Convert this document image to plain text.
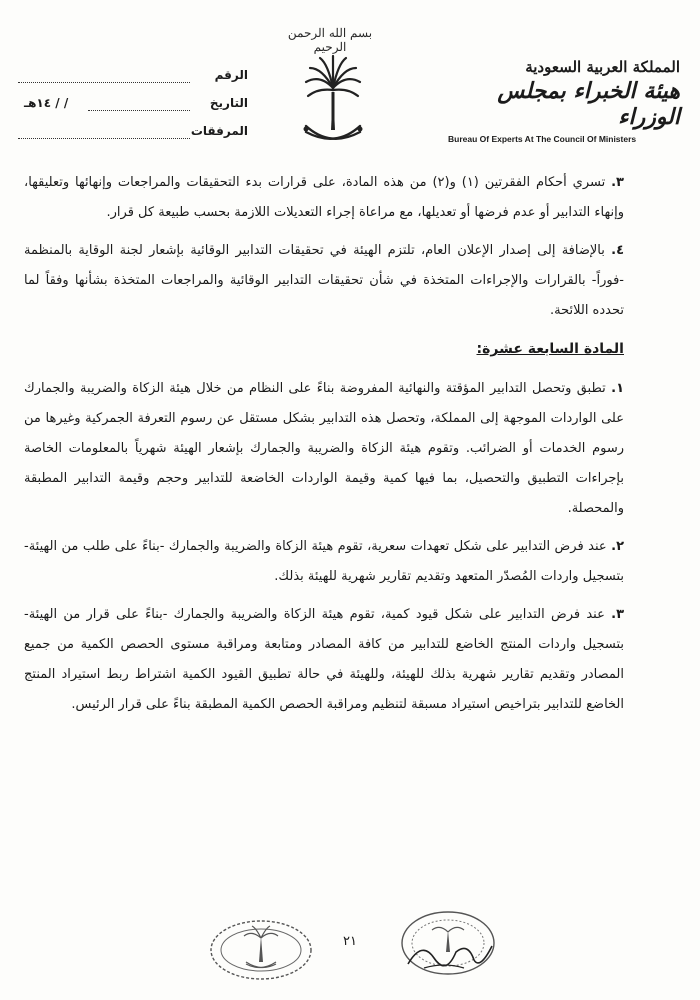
بسم الله الرحمن الرحيم
الرقم
التاريخ
/ / ١٤هـ
المرفقات
المملكة العربية السعودية
هيئة الخبراء بمجلس الوزراء
Bureau Of Experts At The Council Of Ministers

٣. تسري أحكام الفقرتين (١) و(٢) من هذه المادة، على قرارات بدء التحقيقات والمراجعات وإنهائها وتعليقها، وإنهاء التدابير أو عدم فرضها أو تعديلها، مع مراعاة إجراء التعديلات اللازمة بحسب طبيعة كل قرار.

٤. بالإضافة إلى إصدار الإعلان العام، تلتزم الهيئة في تحقيقات التدابير الوقائية بإشعار لجنة الوقاية بالمنظمة -فوراً- بالقرارات والإجراءات المتخذة في شأن تحقيقات التدابير الوقائية والمراجعات المتخذة بشأنها وفقاً لما تحدده اللائحة.

المادة السابعة عشرة:

١. تطبق وتحصل التدابير المؤقتة والنهائية المفروضة بناءً على النظام من خلال هيئة الزكاة والضريبة والجمارك على الواردات الموجهة إلى المملكة، وتحصل هذه التدابير بشكل مستقل عن رسوم التعرفة الجمركية وغيرها من رسوم الخدمات أو الضرائب. وتقوم هيئة الزكاة والضريبة والجمارك بإشعار الهيئة شهرياً بالمعلومات الخاصة بإجراءات التطبيق والتحصيل، بما فيها كمية وقيمة الواردات الخاضعة للتدابير وحجم وقيمة التدابير المطبقة والمحصلة.

٢. عند فرض التدابير على شكل تعهدات سعرية، تقوم هيئة الزكاة والضريبة والجمارك -بناءً على طلب من الهيئة- بتسجيل واردات المُصدّر المتعهد وتقديم تقارير شهرية للهيئة بذلك.

٣. عند فرض التدابير على شكل قيود كمية، تقوم هيئة الزكاة والضريبة والجمارك -بناءً على قرار من الهيئة- بتسجيل واردات المنتج الخاضع للتدابير من كافة المصادر ومتابعة ومراقبة مستوى الحصص الكمية من جميع المصادر وتقديم تقارير شهرية بذلك للهيئة، وللهيئة في حالة تطبيق القيود الكمية اشتراط ربط استيراد المنتج الخاضع للتدابير بتراخيص استيراد مسبقة لتنظيم ومراقبة الحصص الكمية المطبقة بناءً على قرار الرئيس.

٢١
